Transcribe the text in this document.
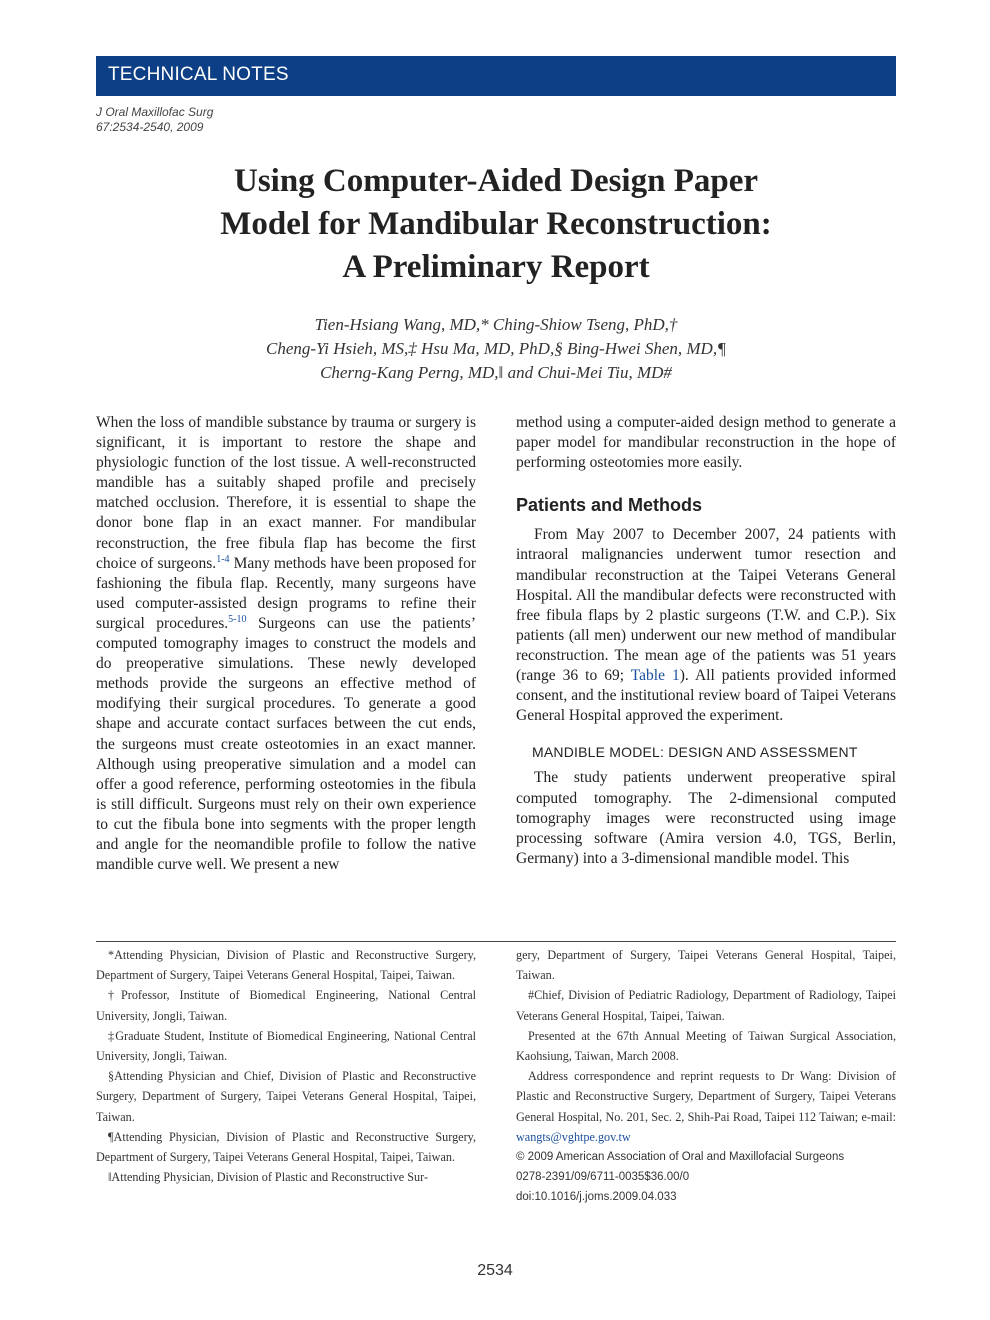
TECHNICAL NOTES
J Oral Maxillofac Surg
67:2534-2540, 2009
Using Computer-Aided Design Paper
Model for Mandibular Reconstruction:
A Preliminary Report
Tien-Hsiang Wang, MD,* Ching-Shiow Tseng, PhD,†
Cheng-Yi Hsieh, MS,‡ Hsu Ma, MD, PhD,§ Bing-Hwei Shen, MD,¶
Cherng-Kang Perng, MD,‖ and Chui-Mei Tiu, MD#

When the loss of mandible substance by trauma or surgery is significant, it is important to restore the shape and physiologic function of the lost tissue. A well-reconstructed mandible has a suitably shaped profile and precisely matched occlusion. Therefore, it is essential to shape the donor bone flap in an exact manner. For mandibular reconstruction, the free fibula flap has become the first choice of surgeons.$^{1-4}$ Many methods have been proposed for fashioning the fibula flap. Recently, many surgeons have used computer-assisted design programs to refine their surgical procedures.$^{5-10}$ Surgeons can use the patients’ computed tomography images to construct the models and do preoperative simulations. These newly developed methods provide the surgeons an effective method of modifying their surgical procedures. To generate a good shape and accurate contact surfaces between the cut ends, the surgeons must create osteotomies in an exact manner. Although using preoperative simulation and a model can offer a good reference, performing osteotomies in the fibula is still difficult. Surgeons must rely on their own experience to cut the fibula bone into segments with the proper length and angle for the neomandible profile to follow the native mandible curve well. We present a new

method using a computer-aided design method to generate a paper model for mandibular reconstruction in the hope of performing osteotomies more easily.

Patients and Methods

From May 2007 to December 2007, 24 patients with intraoral malignancies underwent tumor resection and mandibular reconstruction at the Taipei Veterans General Hospital. All the mandibular defects were reconstructed with free fibula flaps by 2 plastic surgeons (T.W. and C.P.). Six patients (all men) underwent our new method of mandibular reconstruction. The mean age of the patients was 51 years (range 36 to 69; Table 1). All patients provided informed consent, and the institutional review board of Taipei Veterans General Hospital approved the experiment.

MANDIBLE MODEL: DESIGN AND ASSESSMENT

The study patients underwent preoperative spiral computed tomography. The 2-dimensional computed tomography images were reconstructed using image processing software (Amira version 4.0, TGS, Berlin, Germany) into a 3-dimensional mandible model. This

*Attending Physician, Division of Plastic and Reconstructive Surgery, Department of Surgery, Taipei Veterans General Hospital, Taipei, Taiwan.

†Professor, Institute of Biomedical Engineering, National Central University, Jongli, Taiwan.

‡Graduate Student, Institute of Biomedical Engineering, National Central University, Jongli, Taiwan.

§Attending Physician and Chief, Division of Plastic and Reconstructive Surgery, Department of Surgery, Taipei Veterans General Hospital, Taipei, Taiwan.

¶Attending Physician, Division of Plastic and Reconstructive Surgery, Department of Surgery, Taipei Veterans General Hospital, Taipei, Taiwan.

‖Attending Physician, Division of Plastic and Reconstructive Sur-

gery, Department of Surgery, Taipei Veterans General Hospital, Taipei, Taiwan.

#Chief, Division of Pediatric Radiology, Department of Radiology, Taipei Veterans General Hospital, Taipei, Taiwan.

Presented at the 67th Annual Meeting of Taiwan Surgical Association, Kaohsiung, Taiwan, March 2008.

Address correspondence and reprint requests to Dr Wang: Division of Plastic and Reconstructive Surgery, Department of Surgery, Taipei Veterans General Hospital, No. 201, Sec. 2, Shih-Pai Road, Taipei 112 Taiwan; e-mail: wangts@vghtpe.gov.tw

© 2009 American Association of Oral and Maxillofacial Surgeons

0278-2391/09/6711-0035$36.00/0

doi:10.1016/j.joms.2009.04.033

2534
